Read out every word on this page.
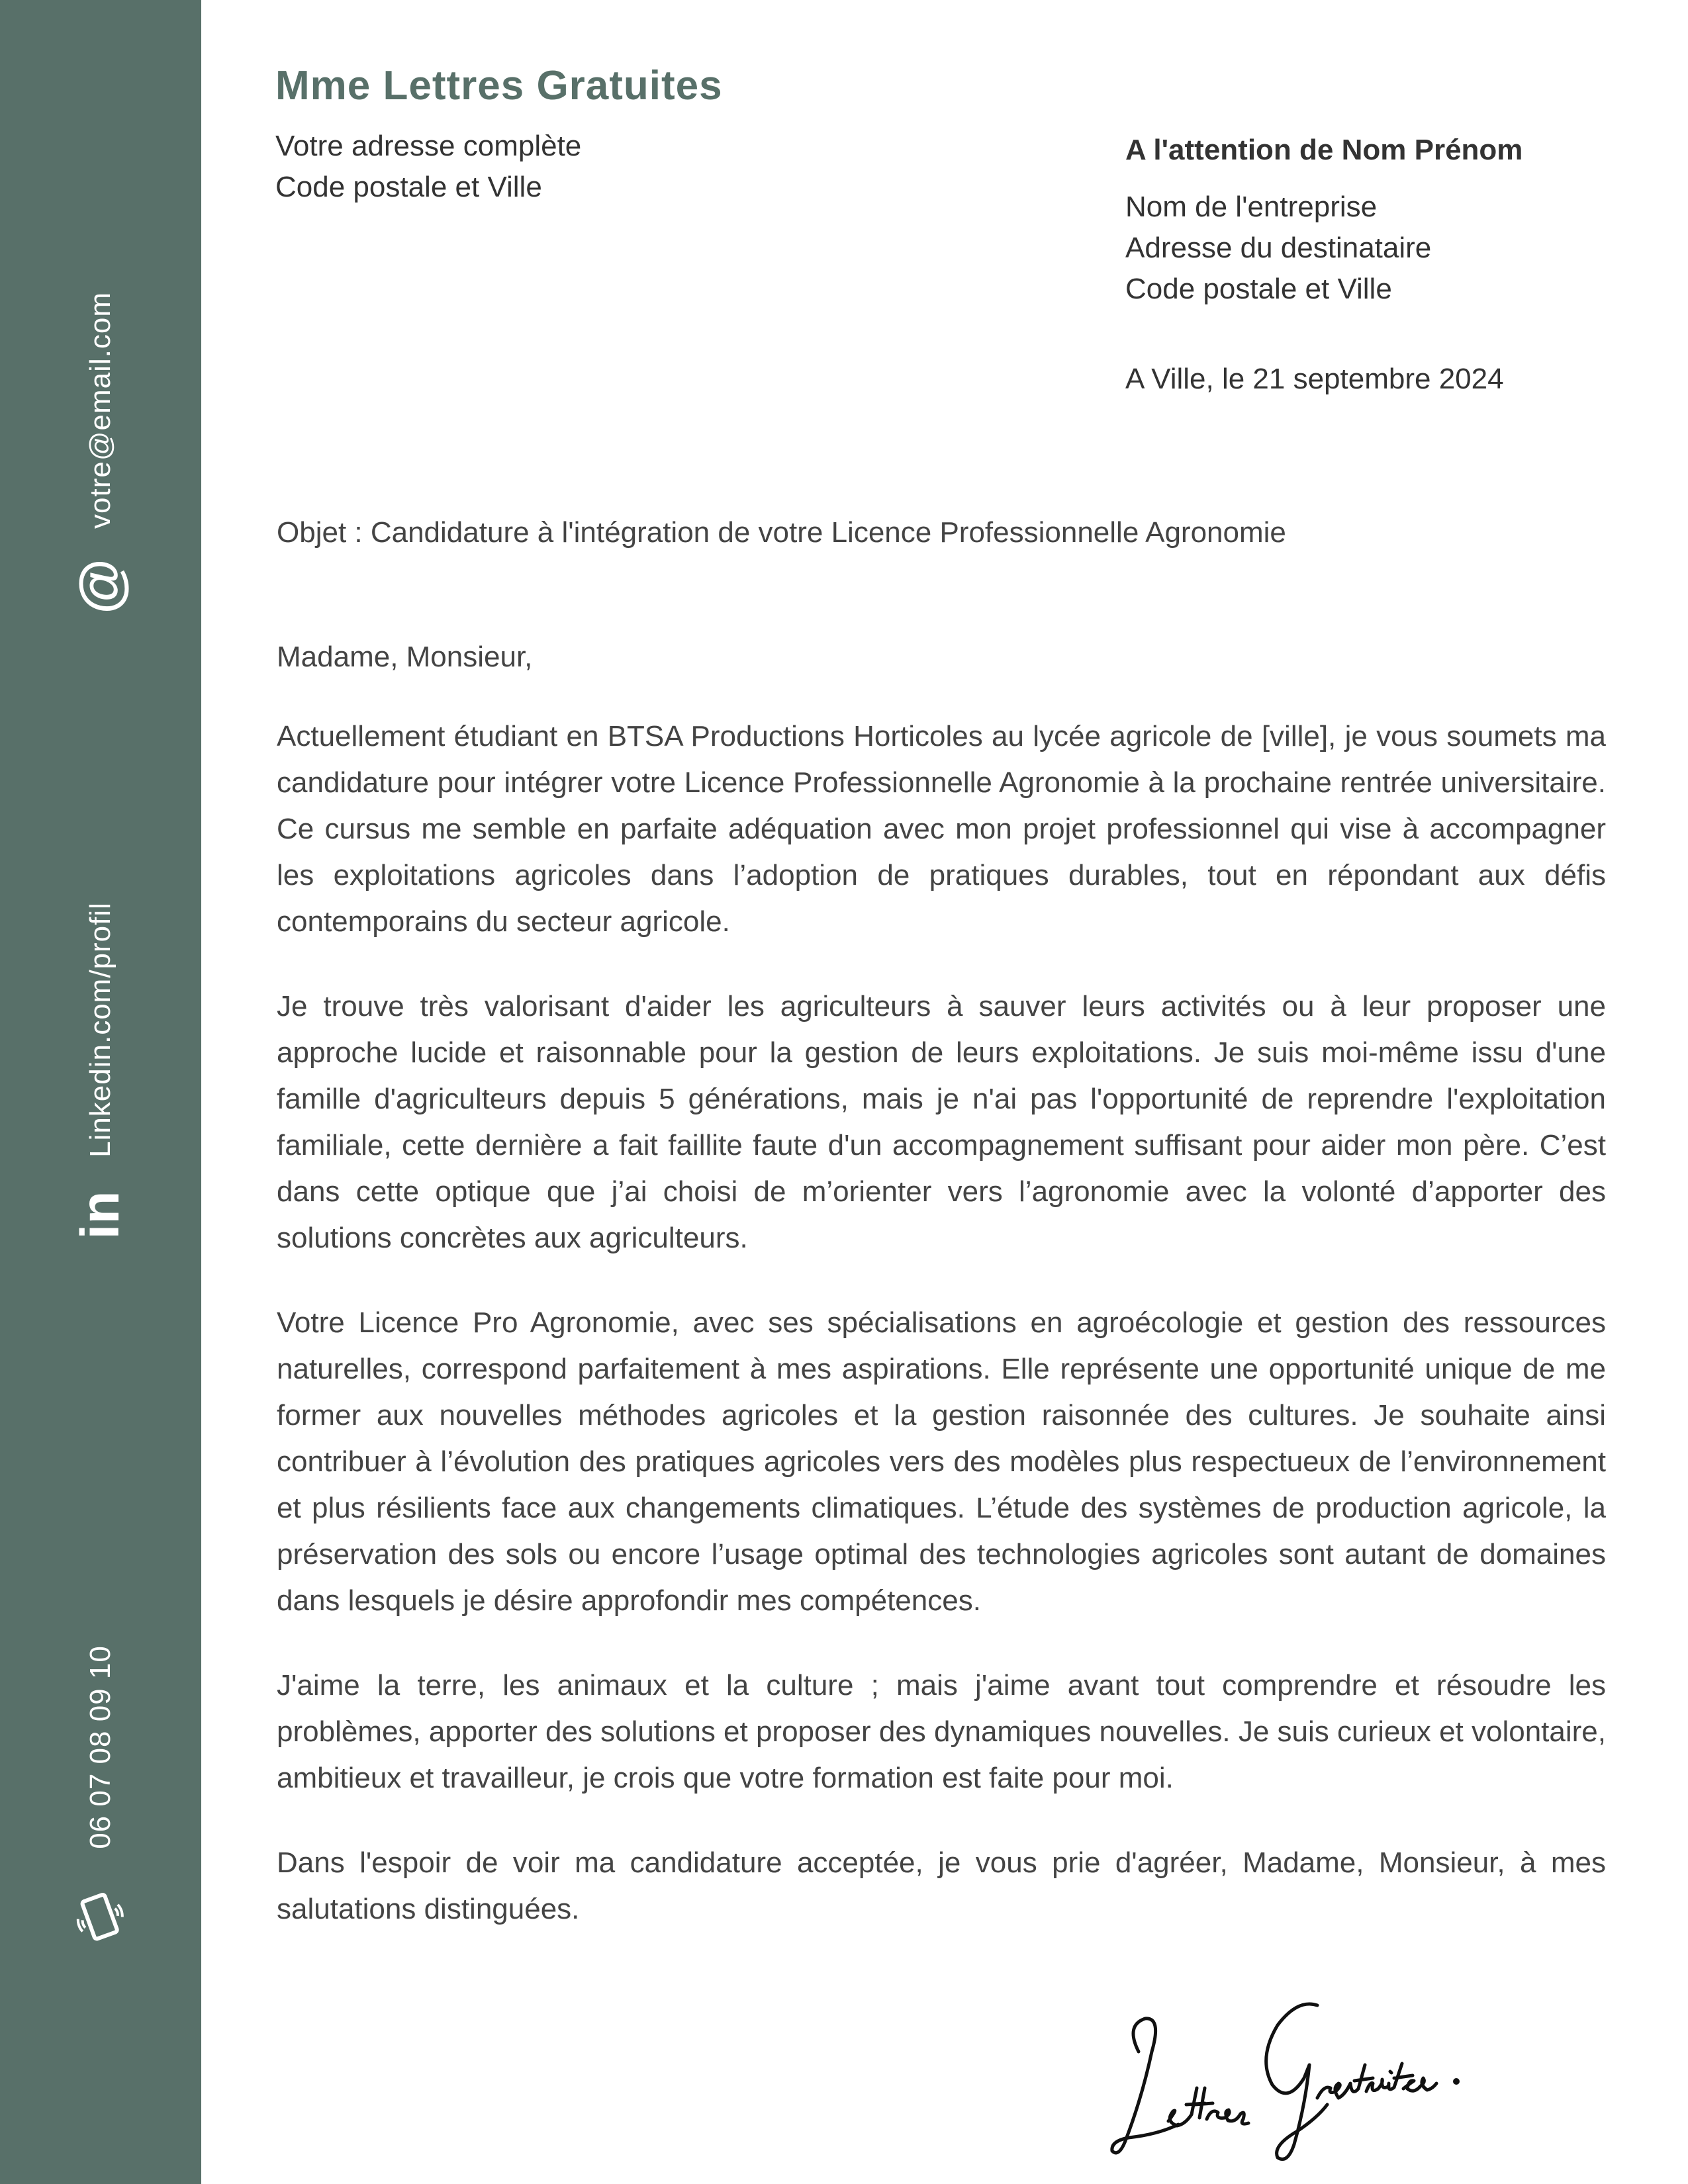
votre@email.com
@
Linkedin.com/profil
in
06 07 08 09 10
Mme Lettres Gratuites
Votre adresse complète
Code postale et Ville
A l'attention de Nom Prénom
Nom de l'entreprise
Adresse du destinataire
Code postale et Ville
A Ville, le 21 septembre 2024
Objet : Candidature à l'intégration de votre Licence Professionnelle Agronomie

Madame, Monsieur,

Actuellement étudiant en BTSA Productions Horticoles au lycée agricole de [ville], je vous soumets ma candidature pour intégrer votre Licence Professionnelle Agronomie à la prochaine rentrée universitaire. Ce cursus me semble en parfaite adéquation avec mon projet professionnel qui vise à accompagner les exploitations agricoles dans l’adoption de pratiques durables, tout en répondant aux défis contemporains du secteur agricole.

Je trouve très valorisant d'aider les agriculteurs à sauver leurs activités ou à leur proposer une approche lucide et raisonnable pour la gestion de leurs exploitations. Je suis moi-même issu d'une famille d'agriculteurs depuis 5 générations, mais je n'ai pas l'opportunité de reprendre l'exploitation familiale, cette dernière a fait faillite faute d'un accompagnement suffisant pour aider mon père. C’est dans cette optique que j’ai choisi de m’orienter vers l’agronomie avec la volonté d’apporter des solutions concrètes aux agriculteurs.

Votre Licence Pro Agronomie, avec ses spécialisations en agroécologie et gestion des ressources naturelles, correspond parfaitement à mes aspirations. Elle représente une opportunité unique de me former aux nouvelles méthodes agricoles et la gestion raisonnée des cultures. Je souhaite ainsi contribuer à l’évolution des pratiques agricoles vers des modèles plus respectueux de l’environnement et plus résilients face aux changements climatiques. L’étude des systèmes de production agricole, la préservation des sols ou encore l’usage optimal des technologies agricoles sont autant de domaines dans lesquels je désire approfondir mes compétences.

J'aime la terre, les animaux et la culture ; mais j'aime avant tout comprendre et résoudre les problèmes, apporter des solutions et proposer des dynamiques nouvelles. Je suis curieux et volontaire, ambitieux et travailleur, je crois que votre formation est faite pour moi.

Dans l'espoir de voir ma candidature acceptée, je vous prie d'agréer, Madame, Monsieur, à mes salutations distinguées.
